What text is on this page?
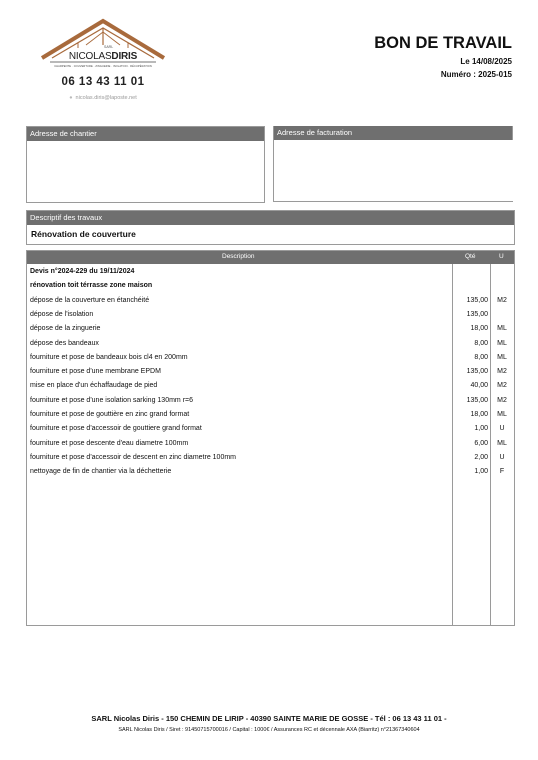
SARL
NICOLASDIRIS
CHARPENTE · COUVERTURE · ZINGUERIE · ISOLATION · RÉCUPÉRATION
06 13 43 11 01
● nicolas.diris@laposte.net
BON DE TRAVAIL
Le 14/08/2025
Numéro : 2025-015
Adresse de chantier	Adresse de facturation
Descriptif des travaux
Rénovation de couverture
Description	Qté	U
Devis n°2024-229 du 19/11/2024
rénovation toit térrasse zone maison
dépose de la couverture en étanchéité	135,00	M2
dépose de l'isolation	135,00
dépose de la zinguerie	18,00	ML
dépose des bandeaux	8,00	ML
fourniture et pose de bandeaux bois cl4 en 200mm	8,00	ML
fourniture et pose d'une membrane EPDM	135,00	M2
mise en place d'un échaffaudage de pied	40,00	M2
fourniture et pose d'une isolation sarking 130mm r=6	135,00	M2
fourniture et pose de gouttière en zinc grand format	18,00	ML
fourniture et pose d'accessoir de gouttiere grand format	1,00	U
fourniture et pose descente d'eau diametre 100mm	6,00	ML
fourniture et pose d'accessoir de descent en zinc diametre 100mm	2,00	U
nettoyage de fin de chantier via la déchetterie	1,00	F
SARL Nicolas Diris - 150 CHEMIN DE LIRIP - 40390 SAINTE MARIE DE GOSSE - Tél : 06 13 43 11 01 -
SARL Nicolas Diris / Siret : 91450715700016 / Capital : 1000€ / Assurances RC et décennale AXA (Biarritz) n°21367340604
